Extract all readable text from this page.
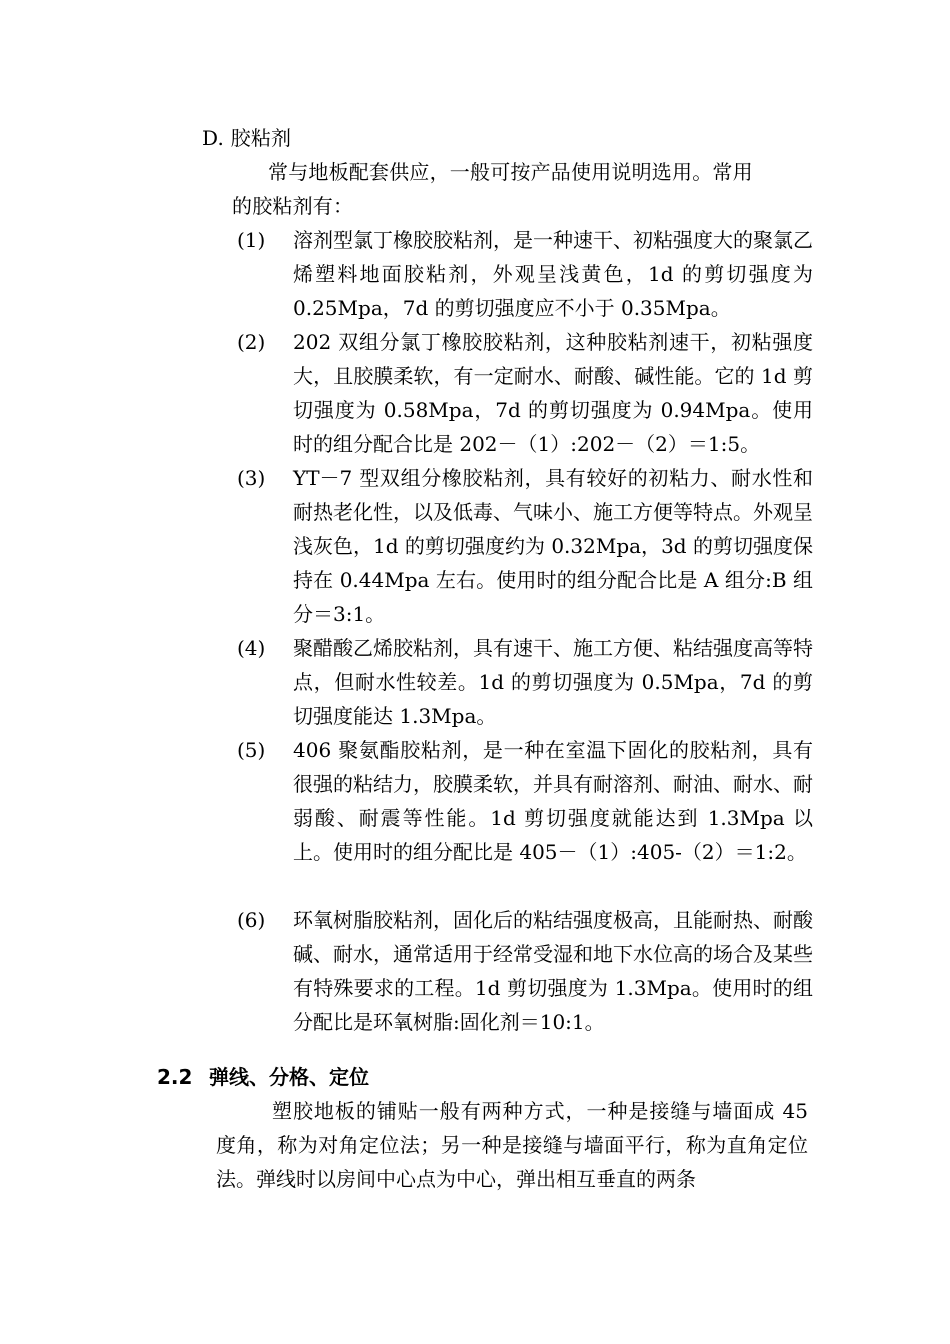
D. 胶粘剂
常与地板配套供应，一般可按产品使用说明选用。常用
的胶粘剂有：
(1) 溶剂型氯丁橡胶胶粘剂，是一种速干、初粘强度大的聚氯乙烯塑料地面胶粘剂，外观呈浅黄色，1d 的剪切强度为 0.25Mpa，7d 的剪切强度应不小于 0.35Mpa。
(2) 202 双组分氯丁橡胶胶粘剂，这种胶粘剂速干，初粘强度大，且胶膜柔软，有一定耐水、耐酸、碱性能。它的 1d 剪切强度为 0.58Mpa，7d 的剪切强度为 0.94Mpa。使用时的组分配合比是 202－（1）:202－（2）＝1:5。
(3) YT－7 型双组分橡胶粘剂，具有较好的初粘力、耐水性和耐热老化性，以及低毒、气味小、施工方便等特点。外观呈浅灰色，1d 的剪切强度约为 0.32Mpa，3d 的剪切强度保持在 0.44Mpa 左右。使用时的组分配合比是 A 组分:B 组分＝3:1。
(4) 聚醋酸乙烯胶粘剂，具有速干、施工方便、粘结强度高等特点，但耐水性较差。1d 的剪切强度为 0.5Mpa，7d 的剪切强度能达 1.3Mpa。
(5) 406 聚氨酯胶粘剂，是一种在室温下固化的胶粘剂，具有很强的粘结力，胶膜柔软，并具有耐溶剂、耐油、耐水、耐弱酸、耐震等性能。1d 剪切强度就能达到 1.3Mpa 以上。使用时的组分配比是 405－（1）:405-（2）＝1:2。
(6) 环氧树脂胶粘剂，固化后的粘结强度极高，且能耐热、耐酸碱、耐水，通常适用于经常受湿和地下水位高的场合及某些有特殊要求的工程。1d 剪切强度为 1.3Mpa。使用时的组分配比是环氧树脂:固化剂＝10:1。
2.2 弹线、分格、定位
塑胶地板的铺贴一般有两种方式，一种是接缝与墙面成 45 度角，称为对角定位法；另一种是接缝与墙面平行，称为直角定位法。弹线时以房间中心点为中心，弹出相互垂直的两条
